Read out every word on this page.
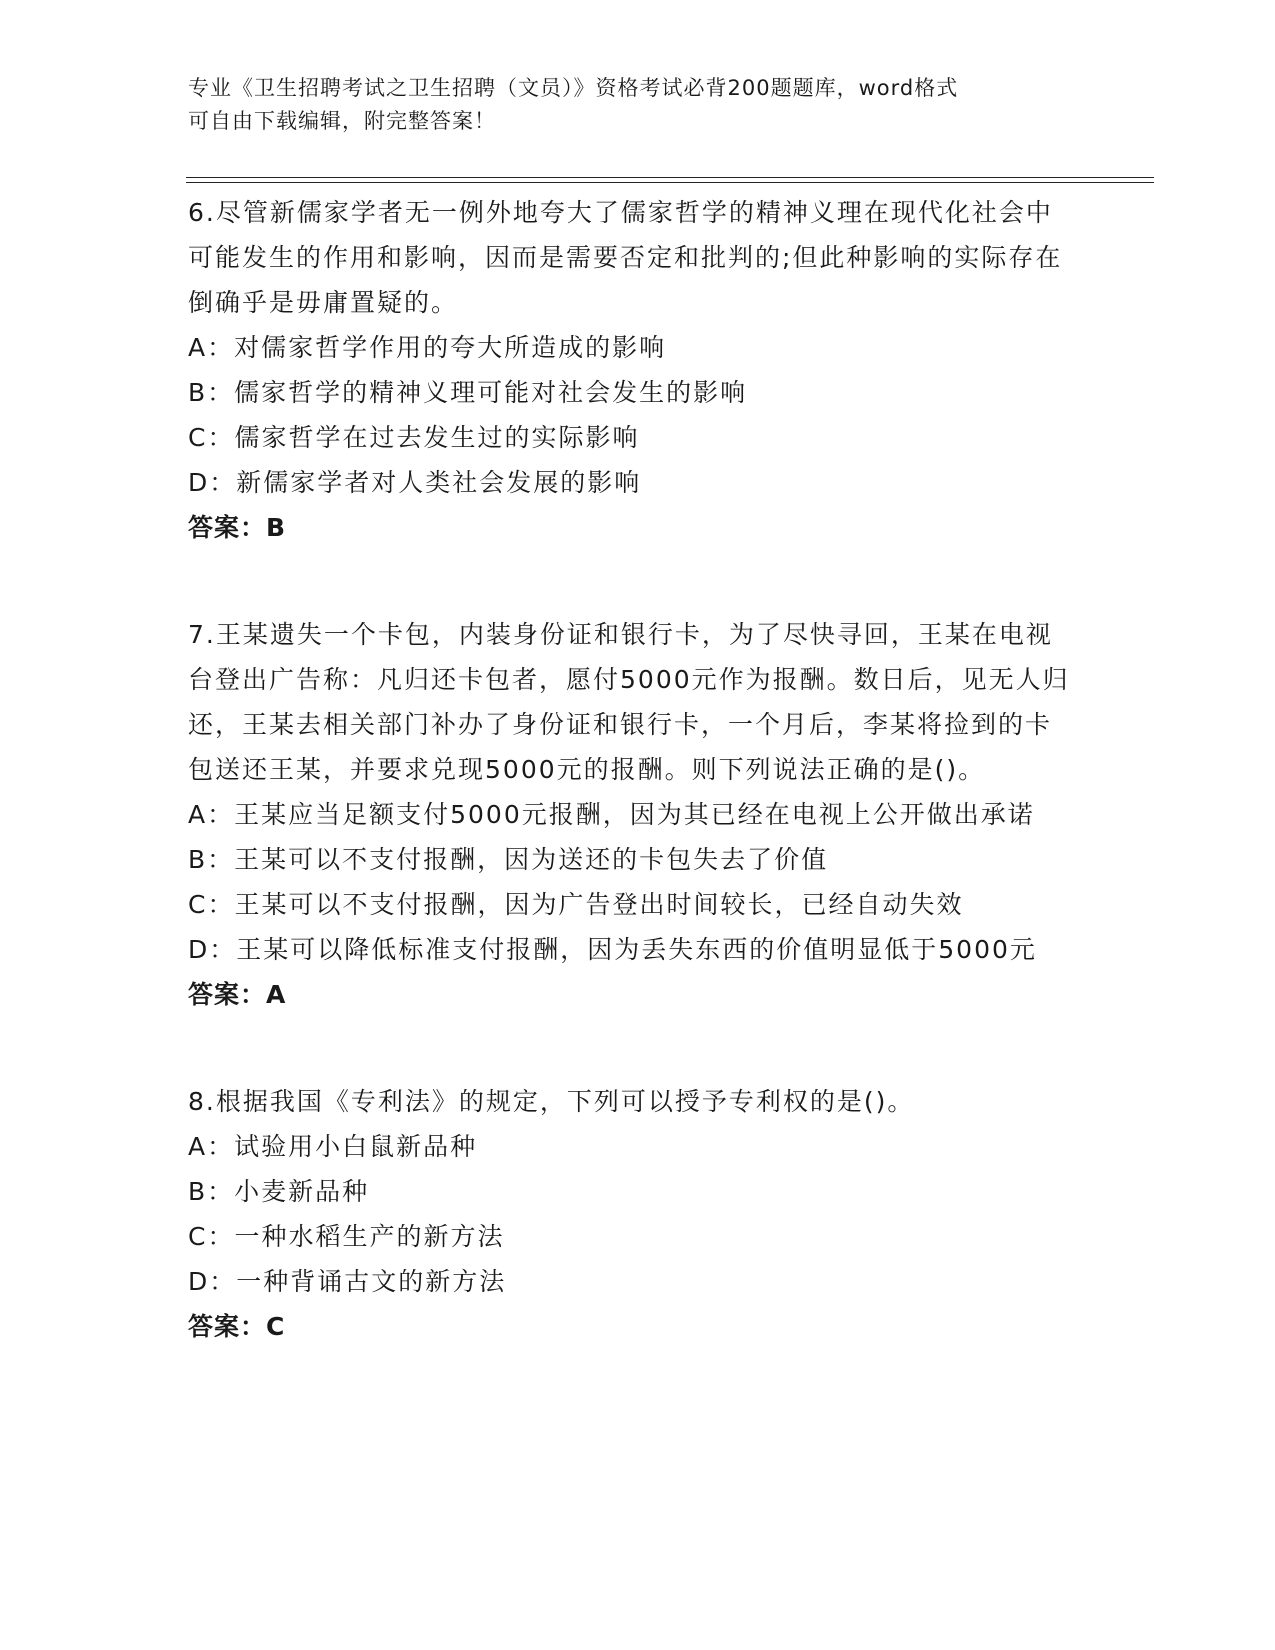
专业《卫生招聘考试之卫生招聘（文员）》资格考试必背200题题库，word格式
可自由下载编辑，附完整答案！

6.尽管新儒家学者无一例外地夸大了儒家哲学的精神义理在现代化社会中可能发生的作用和影响，因而是需要否定和批判的;但此种影响的实际存在倒确乎是毋庸置疑的。

A：对儒家哲学作用的夸大所造成的影响

B：儒家哲学的精神义理可能对社会发生的影响

C：儒家哲学在过去发生过的实际影响

D：新儒家学者对人类社会发展的影响

答案：B

7.王某遗失一个卡包，内装身份证和银行卡，为了尽快寻回，王某在电视台登出广告称：凡归还卡包者，愿付5000元作为报酬。数日后，见无人归还，王某去相关部门补办了身份证和银行卡，一个月后，李某将捡到的卡包送还王某，并要求兑现5000元的报酬。则下列说法正确的是()。

A：王某应当足额支付5000元报酬，因为其已经在电视上公开做出承诺

B：王某可以不支付报酬，因为送还的卡包失去了价值

C：王某可以不支付报酬，因为广告登出时间较长，已经自动失效

D：王某可以降低标准支付报酬，因为丢失东西的价值明显低于5000元

答案：A

8.根据我国《专利法》的规定，下列可以授予专利权的是()。

A：试验用小白鼠新品种

B：小麦新品种

C：一种水稻生产的新方法

D：一种背诵古文的新方法

答案：C
